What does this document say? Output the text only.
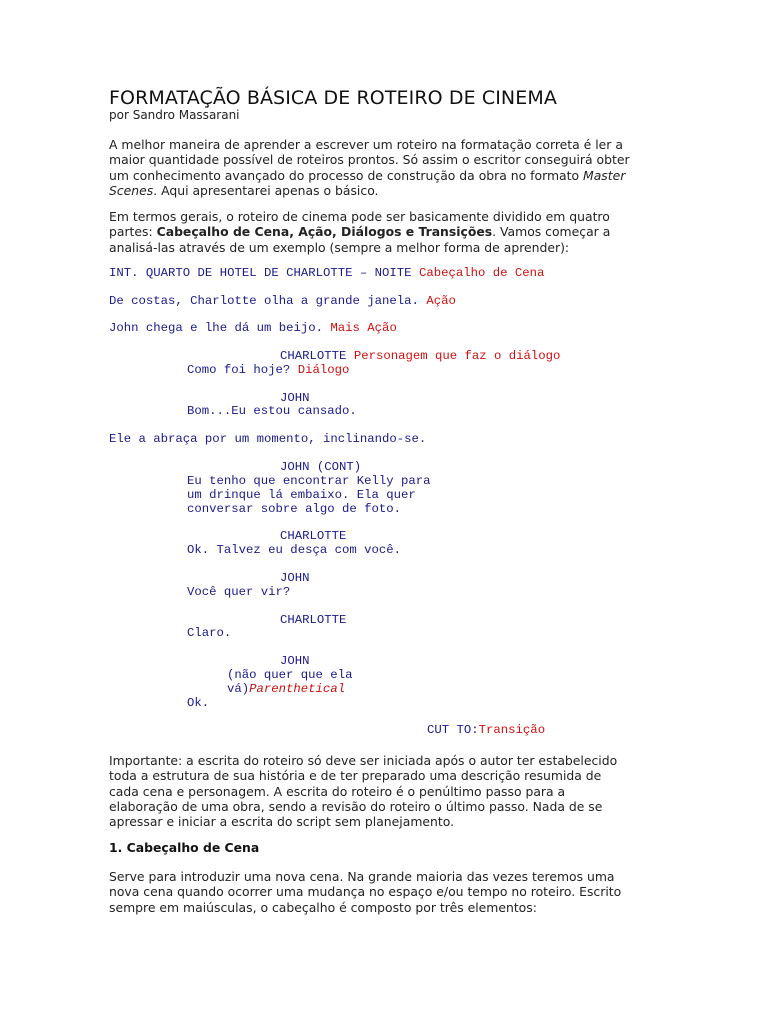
FORMATAÇÃO BÁSICA DE ROTEIRO DE CINEMA
por Sandro Massarani

A melhor maneira de aprender a escrever um roteiro na formatação correta é ler a

maior quantidade possível de roteiros prontos. Só assim o escritor conseguirá obter

um conhecimento avançado do processo de construção da obra no formato Master

Scenes. Aqui apresentarei apenas o básico.

Em termos gerais, o roteiro de cinema pode ser basicamente dividido em quatro

partes: Cabeçalho de Cena, Ação, Diálogos e Transições. Vamos começar a

analisá-las através de um exemplo (sempre a melhor forma de aprender):

INT. QUARTO DE HOTEL DE CHARLOTTE – NOITE Cabeçalho de Cena
De costas, Charlotte olha a grande janela. Ação
John chega e lhe dá um beijo. Mais Ação
CHARLOTTE Personagem que faz o diálogo
Como foi hoje? Diálogo
JOHN
Bom...Eu estou cansado.
Ele a abraça por um momento, inclinando-se.
JOHN (CONT)
Eu tenho que encontrar Kelly para
um drinque lá embaixo. Ela quer
conversar sobre algo de foto.
CHARLOTTE
Ok. Talvez eu desça com você.
JOHN
Você quer vir?
CHARLOTTE
Claro.
JOHN
(não quer que ela
vá)Parenthetical
Ok.
CUT TO:Transição

Importante: a escrita do roteiro só deve ser iniciada após o autor ter estabelecido

toda a estrutura de sua história e de ter preparado uma descrição resumida de

cada cena e personagem. A escrita do roteiro é o penúltimo passo para a

elaboração de uma obra, sendo a revisão do roteiro o último passo. Nada de se

apressar e iniciar a escrita do script sem planejamento.

1. Cabeçalho de Cena

Serve para introduzir uma nova cena. Na grande maioria das vezes teremos uma

nova cena quando ocorrer uma mudança no espaço e/ou tempo no roteiro. Escrito

sempre em maiúsculas, o cabeçalho é composto por três elementos:
